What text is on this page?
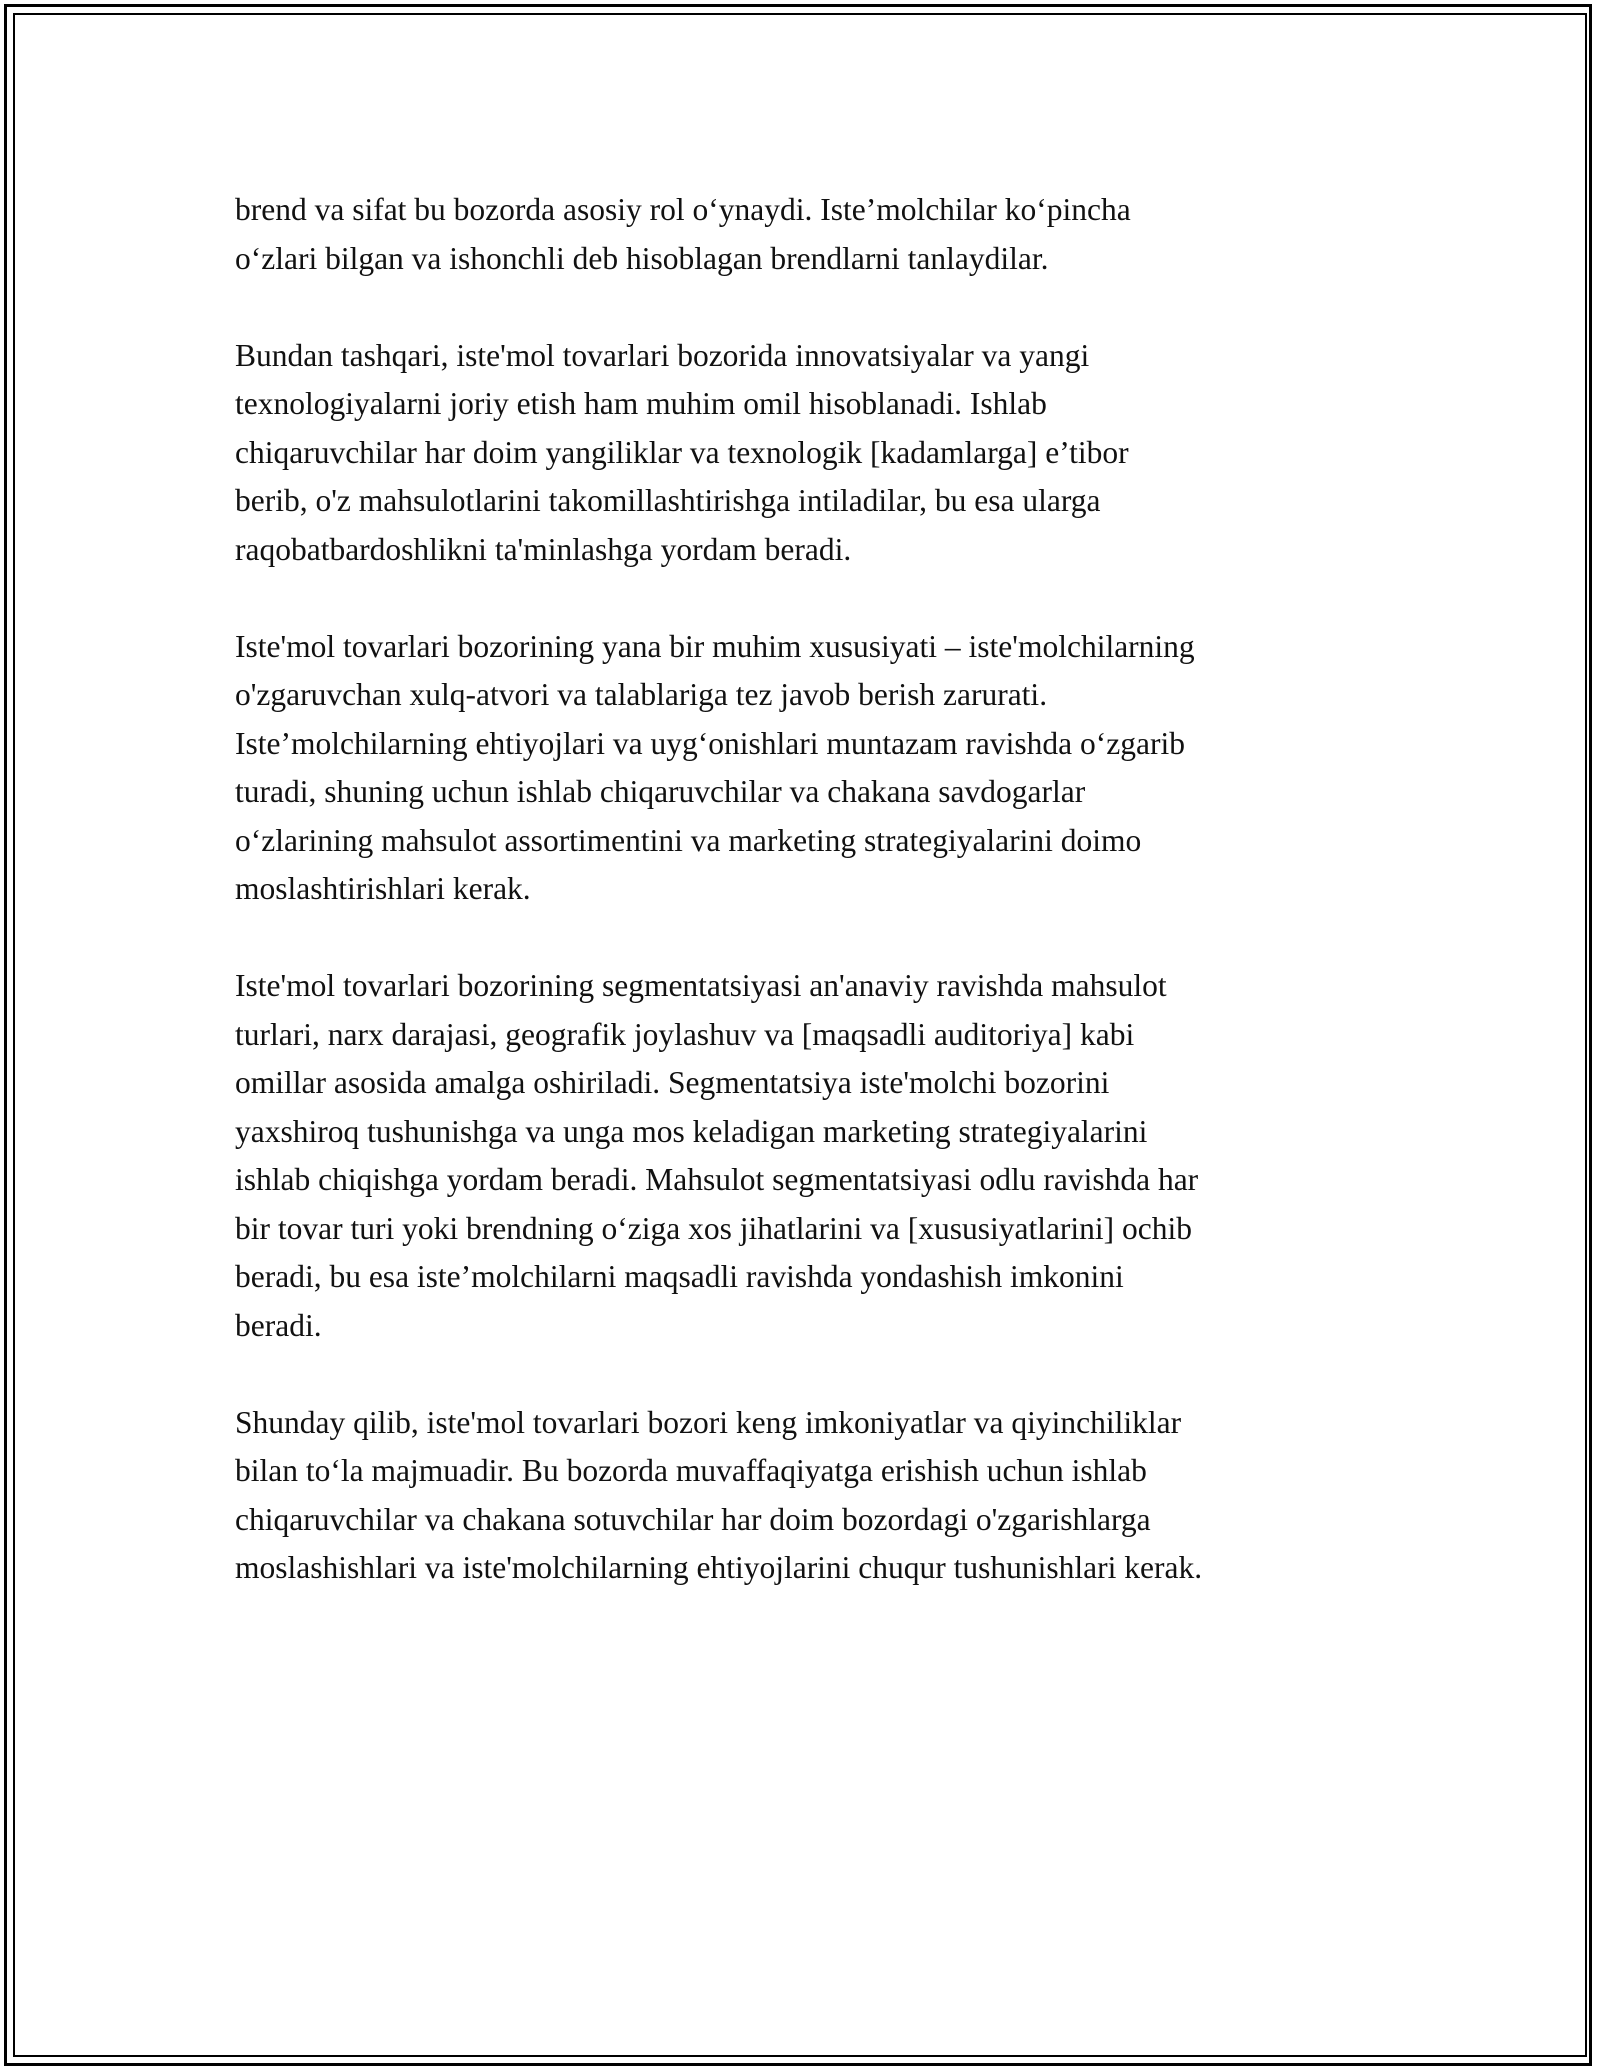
brend va sifat bu bozorda asosiy rol o‘ynaydi. Iste’molchilar ko‘pincha
o‘zlari bilgan va ishonchli deb hisoblagan brendlarni tanlaydilar.

Bundan tashqari, iste'mol tovarlari bozorida innovatsiyalar va yangi
texnologiyalarni joriy etish ham muhim omil hisoblanadi. Ishlab
chiqaruvchilar har doim yangiliklar va texnologik [kadamlarga] e’tibor
berib, o'z mahsulotlarini takomillashtirishga intiladilar, bu esa ularga
raqobatbardoshlikni ta'minlashga yordam beradi.

Iste'mol tovarlari bozorining yana bir muhim xususiyati – iste'molchilarning
o'zgaruvchan xulq-atvori va talablariga tez javob berish zarurati.
Iste’molchilarning ehtiyojlari va uyg‘onishlari muntazam ravishda o‘zgarib
turadi, shuning uchun ishlab chiqaruvchilar va chakana savdogarlar
o‘zlarining mahsulot assortimentini va marketing strategiyalarini doimo
moslashtirishlari kerak.

Iste'mol tovarlari bozorining segmentatsiyasi an'anaviy ravishda mahsulot
turlari, narx darajasi, geografik joylashuv va [maqsadli auditoriya] kabi
omillar asosida amalga oshiriladi. Segmentatsiya iste'molchi bozorini
yaxshiroq tushunishga va unga mos keladigan marketing strategiyalarini
ishlab chiqishga yordam beradi. Mahsulot segmentatsiyasi odlu ravishda har
bir tovar turi yoki brendning o‘ziga xos jihatlarini va [xususiyatlarini] ochib
beradi, bu esa iste’molchilarni maqsadli ravishda yondashish imkonini
beradi.

Shunday qilib, iste'mol tovarlari bozori keng imkoniyatlar va qiyinchiliklar
bilan to‘la majmuadir. Bu bozorda muvaffaqiyatga erishish uchun ishlab
chiqaruvchilar va chakana sotuvchilar har doim bozordagi o'zgarishlarga
moslashishlari va iste'molchilarning ehtiyojlarini chuqur tushunishlari kerak.
